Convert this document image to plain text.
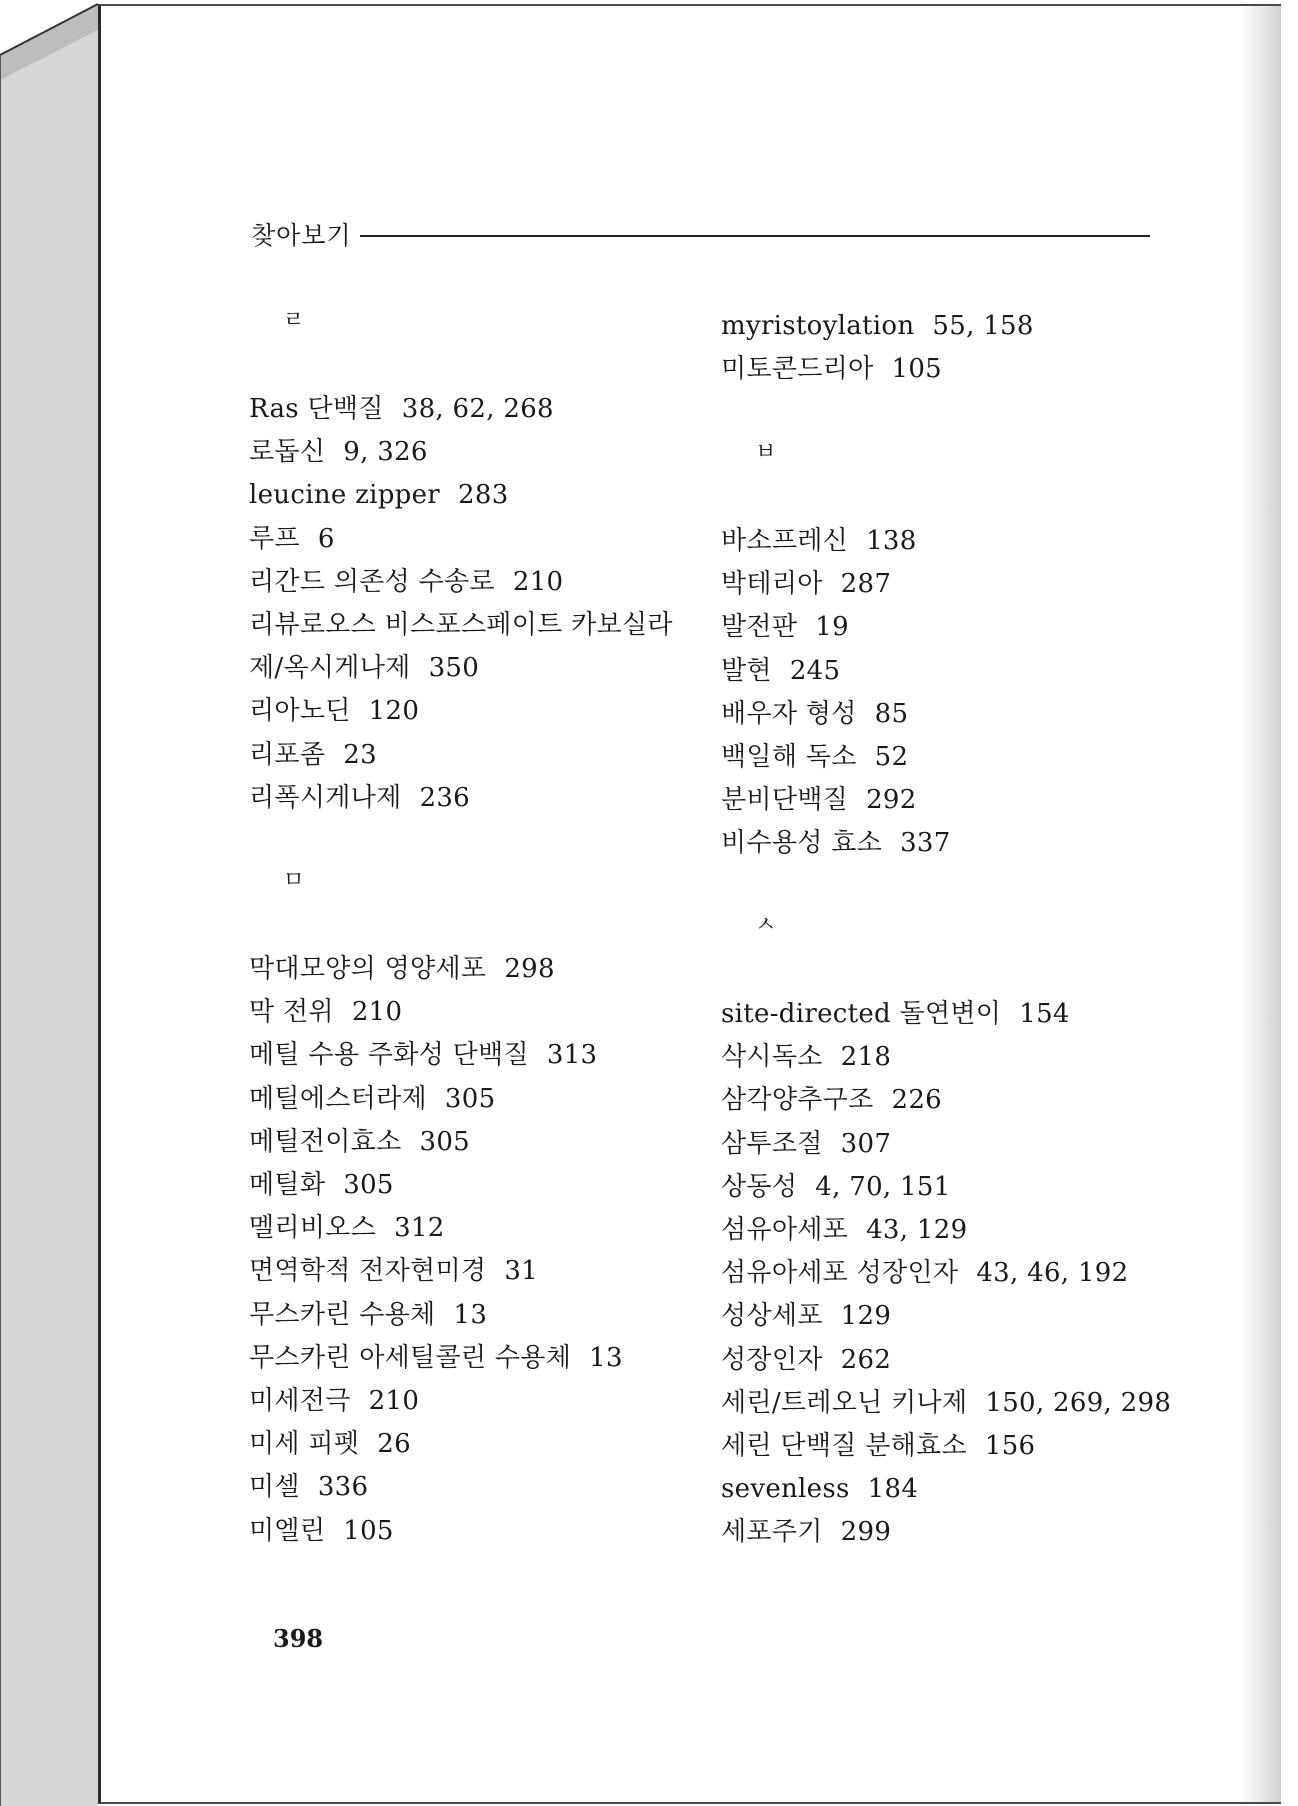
찾아보기
ㄹ
Ras 단백질 38, 62, 268
로돕신 9, 326
leucine zipper 283
루프 6
리간드 의존성 수송로 210
리뷰로오스 비스포스페이트 카보실라
제/옥시게나제 350
리아노딘 120
리포좀 23
리폭시게나제 236
ㅁ
막대모양의 영양세포 298
막 전위 210
메틸 수용 주화성 단백질 313
메틸에스터라제 305
메틸전이효소 305
메틸화 305
멜리비오스 312
면역학적 전자현미경 31
무스카린 수용체 13
무스카린 아세틸콜린 수용체 13
미세전극 210
미세 피펫 26
미셀 336
미엘린 105
myristoylation 55, 158
미토콘드리아 105
ㅂ
바소프레신 138
박테리아 287
발전판 19
발현 245
배우자 형성 85
백일해 독소 52
분비단백질 292
비수용성 효소 337
ㅅ
site-directed 돌연변이 154
삭시독소 218
삼각양추구조 226
삼투조절 307
상동성 4, 70, 151
섬유아세포 43, 129
섬유아세포 성장인자 43, 46, 192
성상세포 129
성장인자 262
세린/트레오닌 키나제 150, 269, 298
세린 단백질 분해효소 156
sevenless 184
세포주기 299
398
